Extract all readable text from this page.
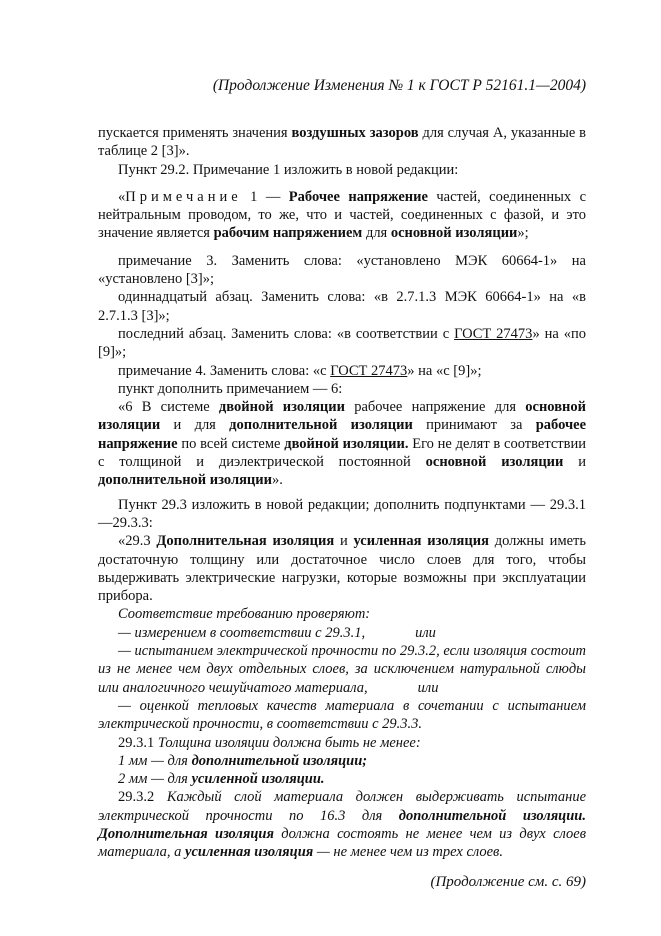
(Продолжение Изменения № 1 к ГОСТ Р 52161.1—2004)

пускается применять значения воздушных зазоров для случая A, указанные в таблице 2 [3]».

Пункт 29.2. Примечание 1 изложить в новой редакции:

«Примечание 1 — Рабочее напряжение частей, соединенных с нейтральным проводом, то же, что и частей, соединенных с фазой, и это значение является рабочим напряжением для основной изоляции»;

примечание 3. Заменить слова: «установлено МЭК 60664-1» на «установлено [3]»;

одиннадцатый абзац. Заменить слова: «в 2.7.1.3 МЭК 60664-1» на «в 2.7.1.3 [3]»;

последний абзац. Заменить слова: «в соответствии с ГОСТ 27473» на «по [9]»;

примечание 4. Заменить слова: «с ГОСТ 27473» на «с [9]»;

пункт дополнить примечанием — 6:

«6 В системе двойной изоляции рабочее напряжение для основной изоляции и для дополнительной изоляции принимают за рабочее напряжение по всей системе двойной изоляции. Его не делят в соответствии с толщиной и диэлектрической постоянной основной изоляции и дополнительной изоляции».

Пункт 29.3 изложить в новой редакции; дополнить подпунктами — 29.3.1 —29.3.3:

«29.3 Дополнительная изоляция и усиленная изоляция должны иметь достаточную толщину или достаточное число слоев для того, чтобы выдерживать электрические нагрузки, которые возможны при эксплуатации прибора.

Соответствие требованию проверяют:

— измерением в соответствии с 29.3.1,	или

— испытанием электрической прочности по 29.3.2, если изоляция состоит из не менее чем двух отдельных слоев, за исключением натуральной слюды или аналогичного чешуйчатого материала,	или

— оценкой тепловых качеств материала в сочетании с испытанием электрической прочности, в соответствии с 29.3.3.

29.3.1 Толщина изоляции должна быть не менее:

1 мм — для дополнительной изоляции;

2 мм — для усиленной изоляции.

29.3.2 Каждый слой материала должен выдерживать испытание электрической прочности по 16.3 для дополнительной изоляции. Дополнительная изоляция должна состоять не менее чем из двух слоев материала, а усиленная изоляция — не менее чем из трех слоев.

(Продолжение см. с. 69)
